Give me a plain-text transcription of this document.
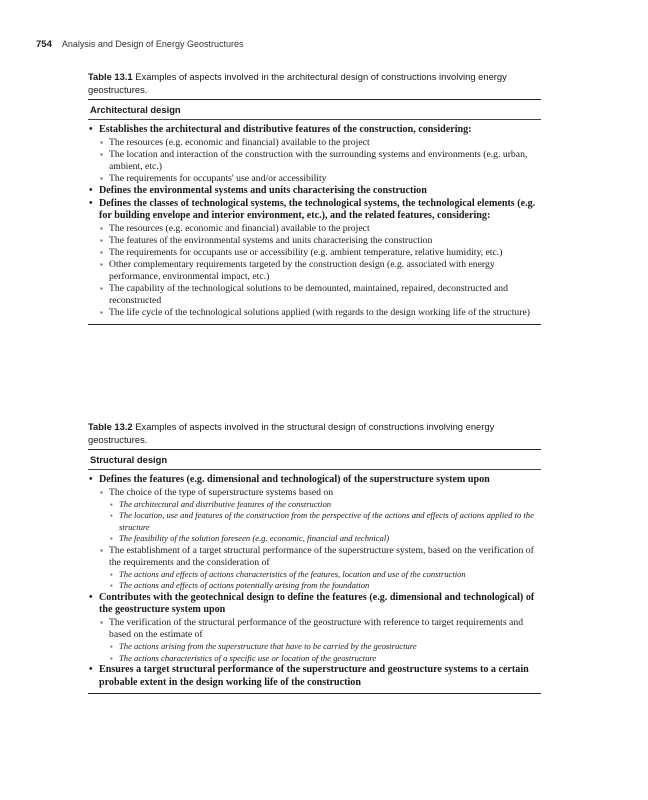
754 Analysis and Design of Energy Geostructures

Table 13.1 Examples of aspects involved in the architectural design of constructions involving energy geostructures.

Architectural design
• Establishes the architectural and distributive features of the construction, considering:
▪ The resources (e.g. economic and financial) available to the project
▪ The location and interaction of the construction with the surrounding systems and environments (e.g. urban, ambient, etc.)
▪ The requirements for occupants' use and/or accessibility
• Defines the environmental systems and units characterising the construction
• Defines the classes of technological systems, the technological systems, the technological elements (e.g. for building envelope and interior environment, etc.), and the related features, considering:
▪ The resources (e.g. economic and financial) available to the project
▪ The features of the environmental systems and units characterising the construction
▪ The requirements for occupants use or accessibility (e.g. ambient temperature, relative humidity, etc.)
▪ Other complementary requirements targeted by the construction design (e.g. associated with energy performance, environmental impact, etc.)
▪ The capability of the technological solutions to be demounted, maintained, repaired, deconstructed and reconstructed
▪ The life cycle of the technological solutions applied (with regards to the design working life of the structure)

Table 13.2 Examples of aspects involved in the structural design of constructions involving energy geostructures.

Structural design
• Defines the features (e.g. dimensional and technological) of the superstructure system upon
▪ The choice of the type of superstructure systems based on
▪ The architectural and distributive features of the construction
▪ The location, use and features of the construction from the perspective of the actions and effects of actions applied to the structure
▪ The feasibility of the solution foreseen (e.g. economic, financial and technical)
▪ The establishment of a target structural performance of the superstructure system, based on the verification of the requirements and the consideration of
▪ The actions and effects of actions characteristics of the features, location and use of the construction
▪ The actions and effects of actions potentially arising from the foundation
• Contributes with the geotechnical design to define the features (e.g. dimensional and technological) of the geostructure system upon
▪ The verification of the structural performance of the geostructure with reference to target requirements and based on the estimate of
▪ The actions arising from the superstructure that have to be carried by the geostructure
▪ The actions characteristics of a specific use or location of the geostructure
• Ensures a target structural performance of the superstructure and geostructure systems to a certain probable extent in the design working life of the construction
